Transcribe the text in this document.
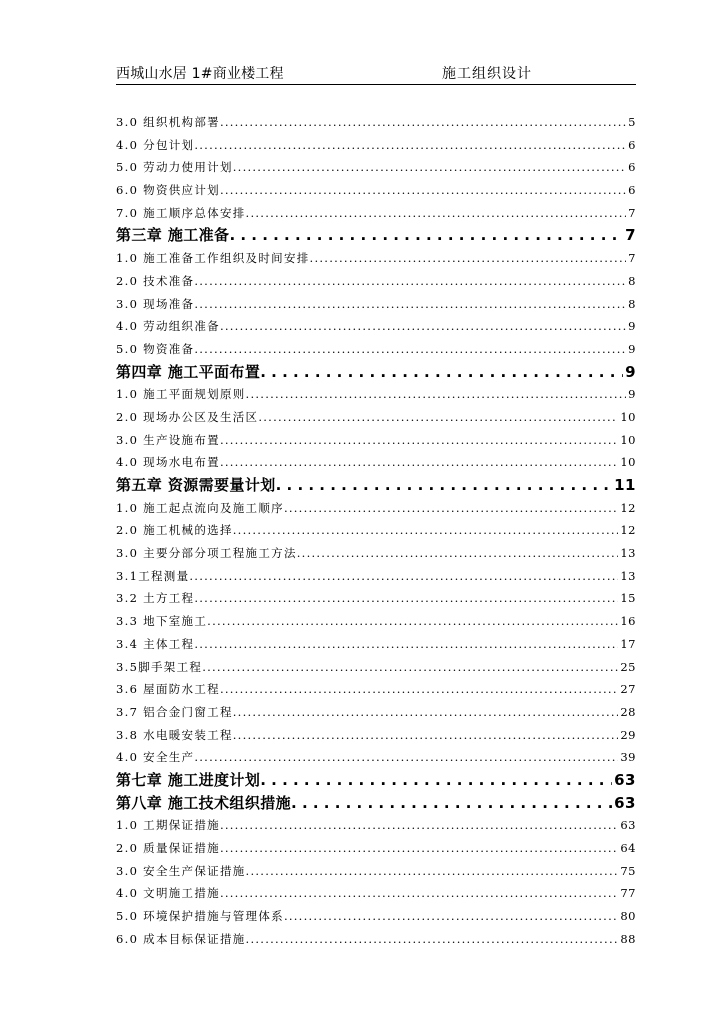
西城山水居 1#商业楼工程	施工组织设计
3.0 组织机构部署 . . .	5
4.0 分包计划 . . .	6
5.0 劳动力使用计划 . . .	6
6.0 物资供应计划 . . .	6
7.0 施工顺序总体安排 . . .	7
第三章 施工准备 . . .	7
1.0 施工准备工作组织及时间安排 . . .	7
2.0 技术准备 . . .	8
3.0 现场准备 . . .	8
4.0 劳动组织准备 . . .	9
5.0 物资准备 . . .	9
第四章 施工平面布置 . . .	9
1.0 施工平面规划原则 . . .	9
2.0 现场办公区及生活区 . . .	10
3.0 生产设施布置 . . .	10
4.0 现场水电布置 . . .	10
第五章 资源需要量计划 . . .	11
1.0 施工起点流向及施工顺序 . . .	12
2.0 施工机械的选择 . . .	12
3.0 主要分部分项工程施工方法 . . .	13
3.1工程测量 . . .	13
3.2 土方工程 . . .	15
3.3 地下室施工 . . .	16
3.4 主体工程 . . .	17
3.5脚手架工程 . . .	25
3.6 屋面防水工程 . . .	27
3.7 铝合金门窗工程 . . .	28
3.8 水电暖安装工程 . . .	29
4.0 安全生产 . . .	39
第七章 施工进度计划 . . .	63
第八章 施工技术组织措施 . . .	63
1.0 工期保证措施 . . .	63
2.0 质量保证措施 . . .	64
3.0 安全生产保证措施 . . .	75
4.0 文明施工措施 . . .	77
5.0 环境保护措施与管理体系 . . .	80
6.0 成本目标保证措施 . . .	88
